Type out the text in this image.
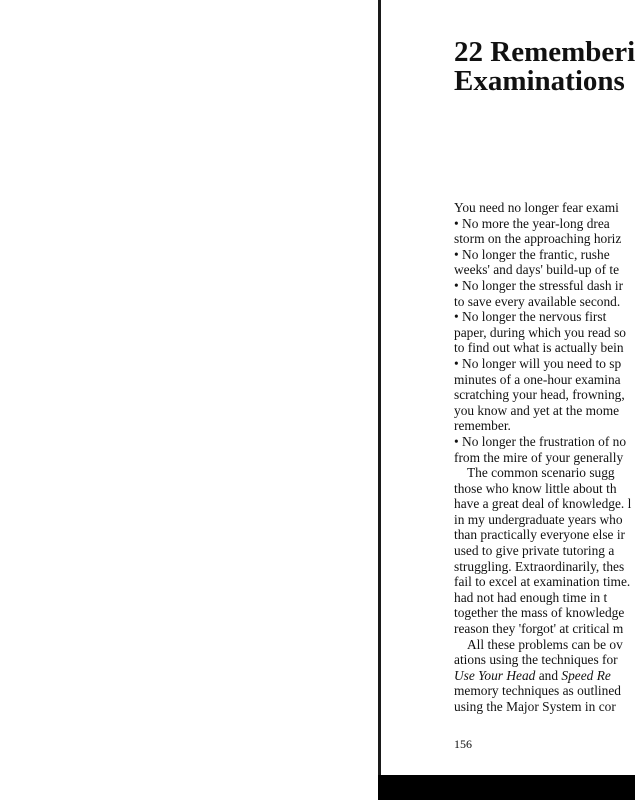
22 Rememberi
Examinations
You need no longer fear exami
• No more the year-long drea
storm on the approaching horiz
• No longer the frantic, rushe
weeks' and days' build-up of te
• No longer the stressful dash ir
to save every available second.
• No longer the nervous first
paper, during which you read so
to find out what is actually bein
• No longer will you need to sp
minutes of a one-hour examina
scratching your head, frowning,
you know and yet at the mome
remember.
• No longer the frustration of no
from the mire of your generally
The common scenario sugg
those who know little about th
have a great deal of knowledge. l
in my undergraduate years who
than practically everyone else ir
used to give private tutoring a
struggling. Extraordinarily, thes
fail to excel at examination time.
had not had enough time in t
together the mass of knowledge
reason they 'forgot' at critical m
All these problems can be ov
ations using the techniques for
Use Your Head and Speed Re
memory techniques as outlined
using the Major System in cor
156
